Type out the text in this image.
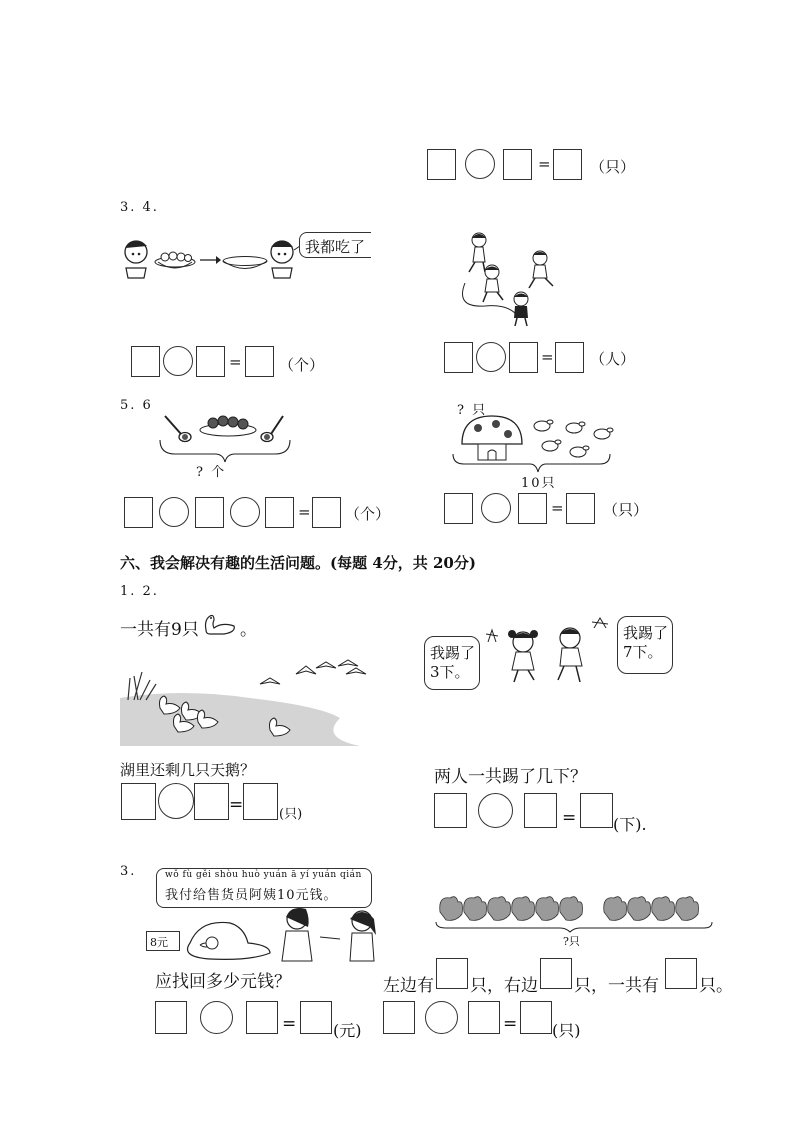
=	（只）
3. 4.
我都吃了
= （个）	= （人）
5. 6
? 个
? 只
10只
= （个）	=	（只）
六、我会解决有趣的生活问题。(每题 4分，共 20分)
1. 2.
一共有9只 。
湖里还剩几只天鹅？
=	(只)
我踢了
3下。
我踢了
7下。
两人一共踢了几下？
= (下).
3.	wǒ fù gěi shòu huò yuán ā yí yuán qián
我付给售货员阿姨10元钱。
8元
应找回多少元钱？
= (元)
?只
左边有 只，右边 只，一共有 只。
= (只)
